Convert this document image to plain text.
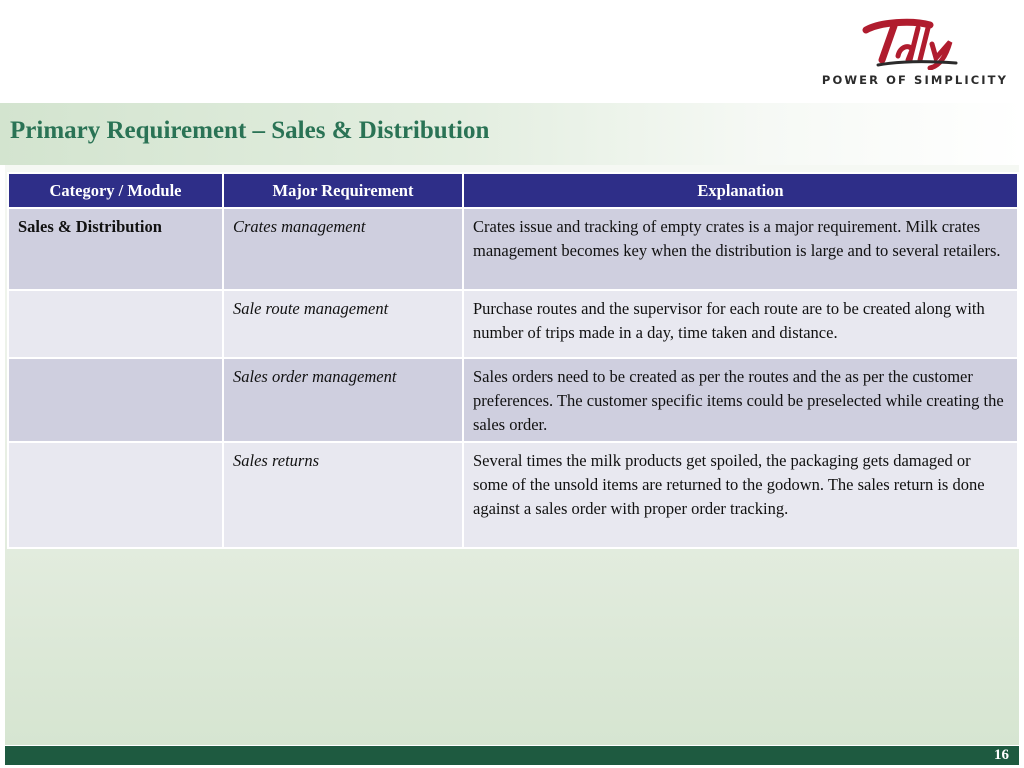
POWER OF SIMPLICITY
Primary Requirement – Sales & Distribution
Category / Module	Major Requirement	Explanation
Sales & Distribution	Crates management	Crates issue and tracking of empty crates is a major requirement. Milk crates management becomes key when the distribution is large and to several retailers.
	Sale route management	Purchase routes and the supervisor for each route are to be created along with number of trips made in a day, time taken and distance.
	Sales order management	Sales orders need to be created as per the routes and the as per the customer preferences. The customer specific items could be preselected while creating the sales order.
	Sales returns	Several times the milk products get spoiled, the packaging gets damaged or some of the unsold items are returned to the godown. The sales return is done against a sales order with proper order tracking.
16
